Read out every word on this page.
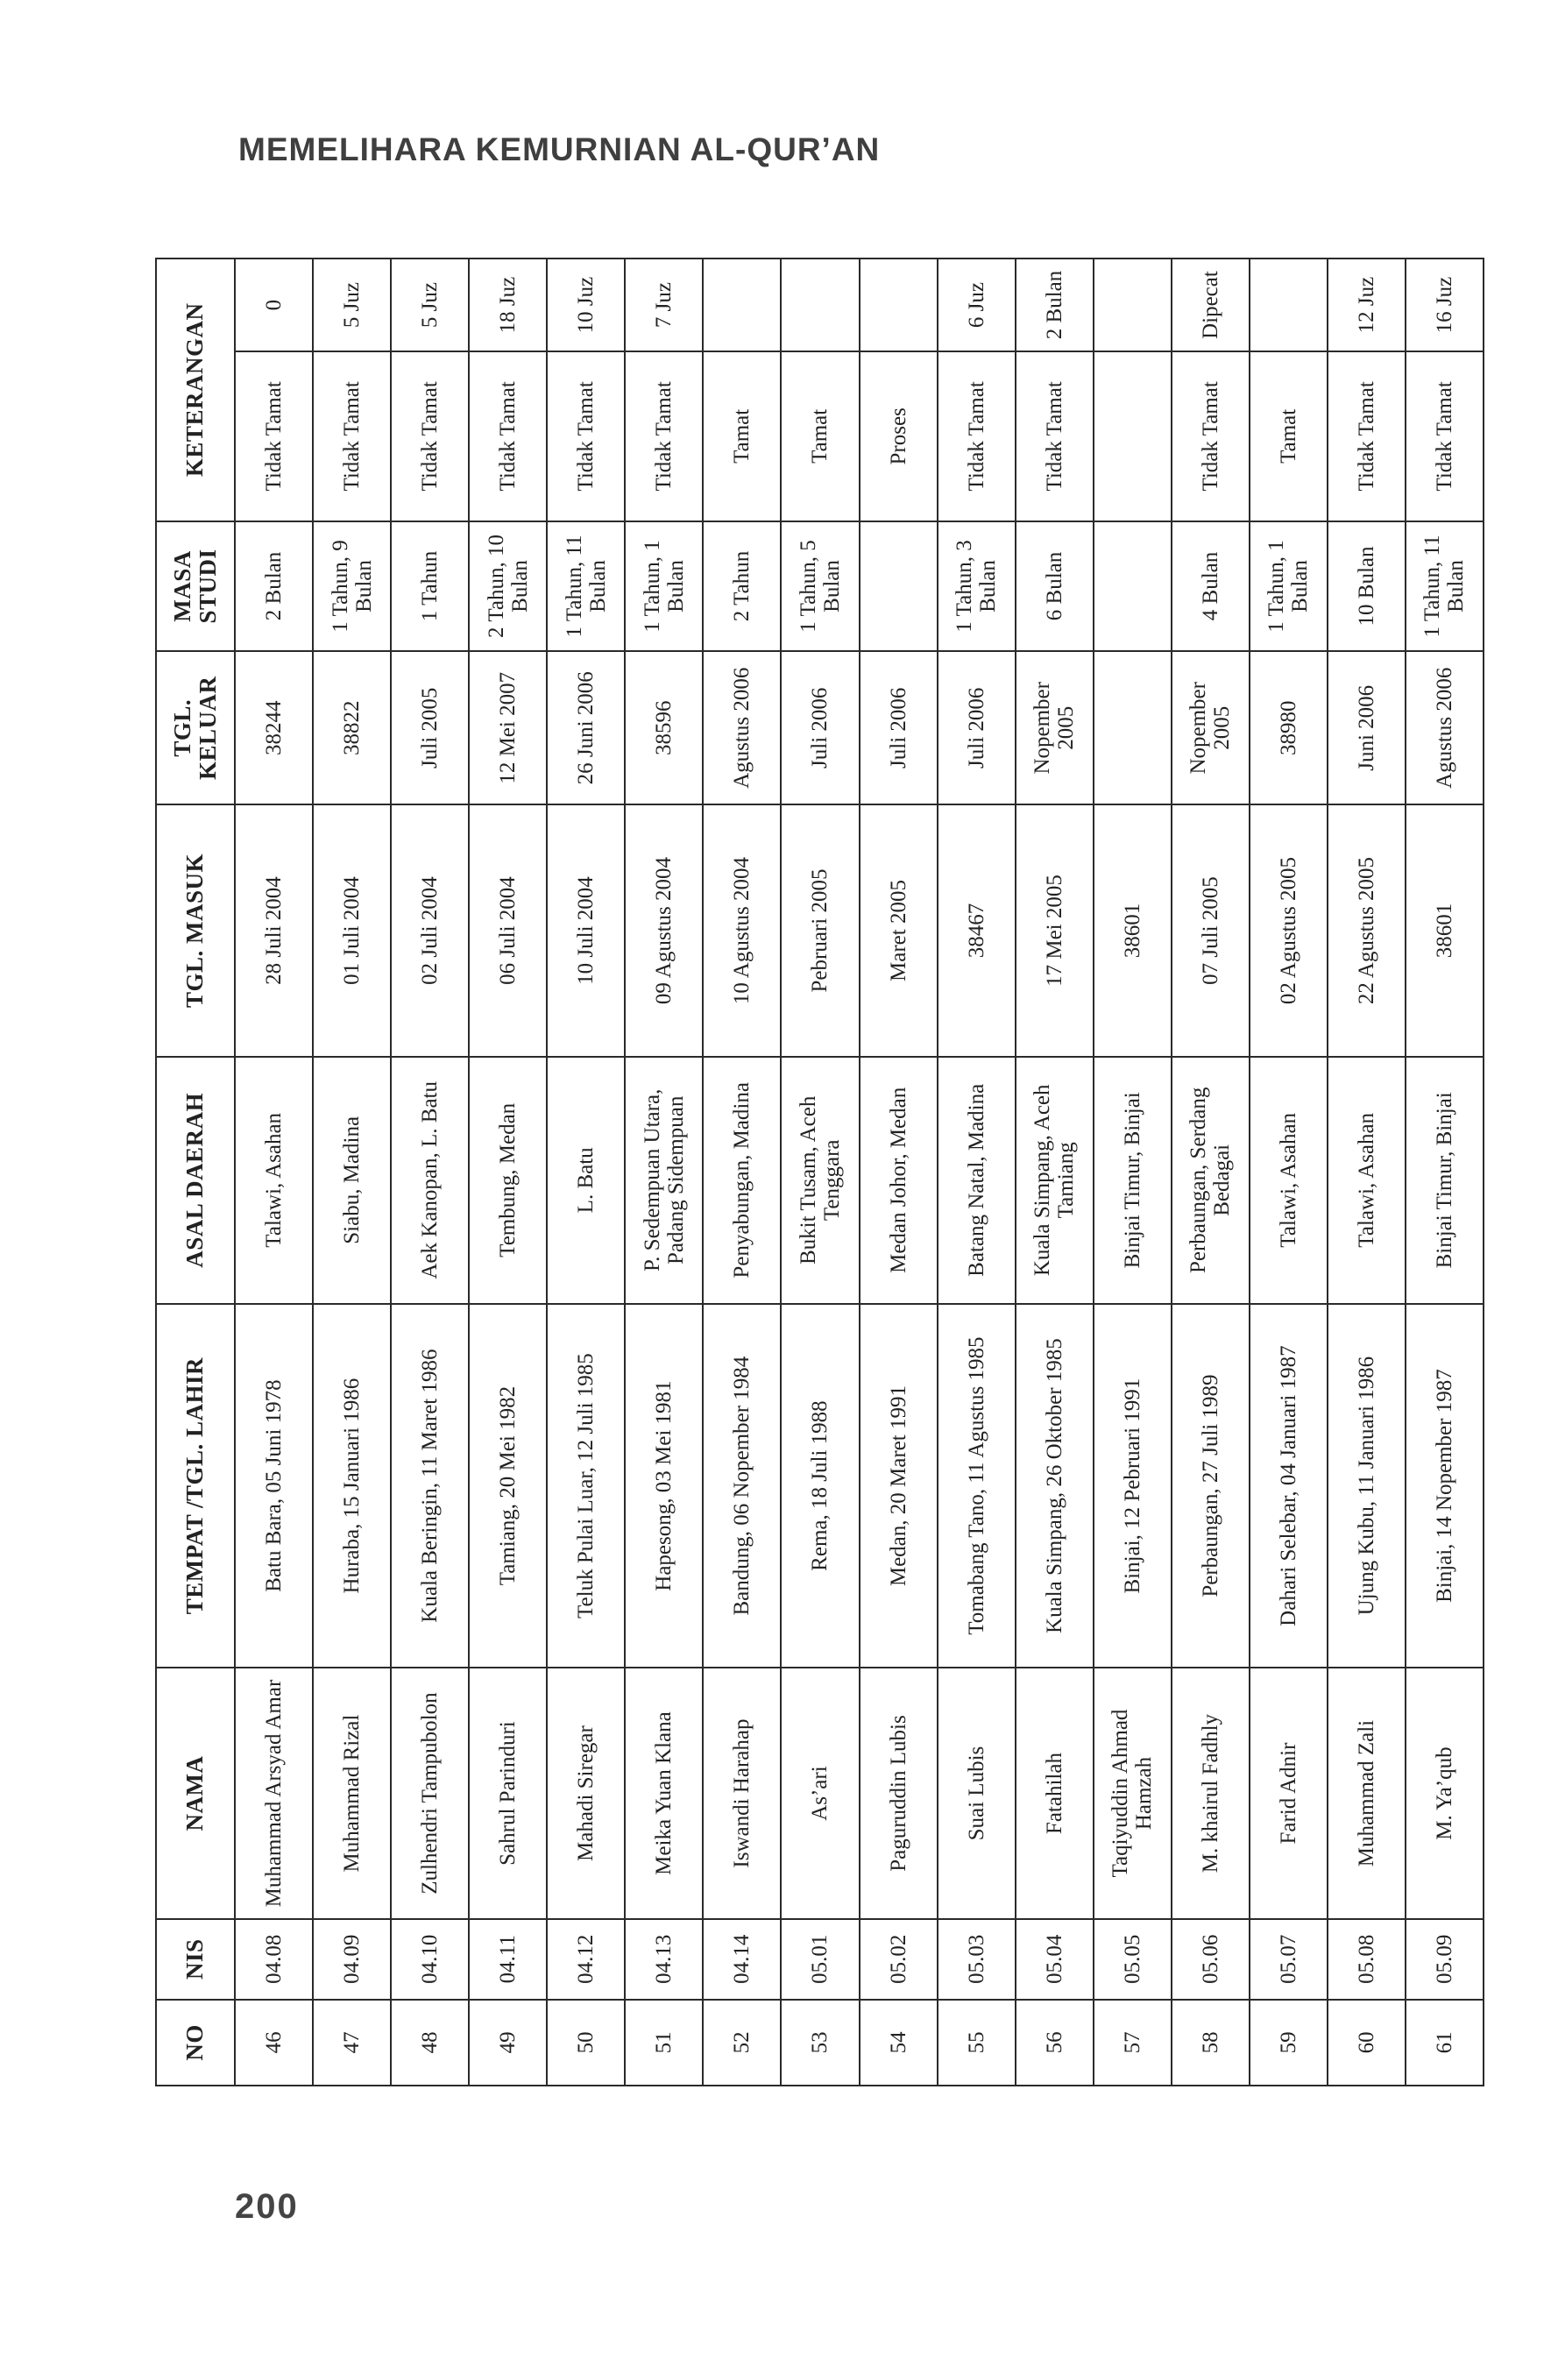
MEMELIHARA KEMURNIAN AL-QUR’AN
NO	NIS	NAMA	TEMPAT /TGL. LAHIR	ASAL DAERAH	TGL. MASUK	TGL. KELUAR	MASA STUDI	KETERANGAN	
46	04.08	Muhammad Arsyad Amar	Batu Bara, 05 Juni 1978	Talawi, Asahan	28 Juli 2004	38244	2 Bulan	Tidak Tamat	0
47	04.09	Muhammad Rizal	Huraba, 15 Januari 1986	Siabu, Madina	01 Juli 2004	38822	1 Tahun, 9 Bulan	Tidak Tamat	5 Juz
48	04.10	Zulhendri Tampubolon	Kuala Beringin, 11 Maret 1986	Aek Kanopan, L. Batu	02 Juli 2004	Juli 2005	1 Tahun	Tidak Tamat	5 Juz
49	04.11	Sahrul Parinduri	Tamiang, 20 Mei 1982	Tembung, Medan	06 Juli 2004	12 Mei 2007	2 Tahun, 10 Bulan	Tidak Tamat	18 Juz
50	04.12	Mahadi Siregar	Teluk Pulai Luar, 12 Juli 1985	L. Batu	10 Juli 2004	26 Juni 2006	1 Tahun, 11 Bulan	Tidak Tamat	10 Juz
51	04.13	Meika Yuan Klana	Hapesong, 03 Mei 1981	P. Sedempuan Utara, Padang Sidempuan	09 Agustus 2004	38596	1 Tahun, 1 Bulan	Tidak Tamat	7 Juz
52	04.14	Iswandi Harahap	Bandung, 06 Nopember 1984	Penyabungan, Madina	10 Agustus 2004	Agustus 2006	2 Tahun	Tamat	
53	05.01	As’ari	Rema, 18 Juli 1988	Bukit Tusam, Aceh Tenggara	Pebruari 2005	Juli 2006	1 Tahun, 5 Bulan	Tamat	
54	05.02	Paguruddin Lubis	Medan, 20 Maret 1991	Medan Johor, Medan	Maret 2005	Juli 2006		Proses	
55	05.03	Suai Lubis	Tomabang Tano, 11 Agustus 1985	Batang Natal, Madina	38467	Juli 2006	1 Tahun, 3 Bulan	Tidak Tamat	6 Juz
56	05.04	Fatahilah	Kuala Simpang, 26 Oktober 1985	Kuala Simpang, Aceh Tamiang	17 Mei 2005	Nopember 2005	6 Bulan	Tidak Tamat	2 Bulan
57	05.05	Taqiyuddin Ahmad Hamzah	Binjai, 12 Pebruari 1991	Binjai Timur, Binjai	38601				
58	05.06	M. khairul Fadhly	Perbaungan, 27 Juli 1989	Perbaungan, Serdang Bedagai	07 Juli 2005	Nopember 2005	4 Bulan	Tidak Tamat	Dipecat
59	05.07	Farid Adnir	Dahari Selebar, 04 Januari 1987	Talawi, Asahan	02 Agustus 2005	38980	1 Tahun, 1 Bulan	Tamat	
60	05.08	Muhammad Zali	Ujung Kubu, 11 Januari 1986	Talawi, Asahan	22 Agustus 2005	Juni 2006	10 Bulan	Tidak Tamat	12 Juz
61	05.09	M. Ya’qub	Binjai, 14 Nopember 1987	Binjai Timur, Binjai	38601	Agustus 2006	1 Tahun, 11 Bulan	Tidak Tamat	16 Juz
200
